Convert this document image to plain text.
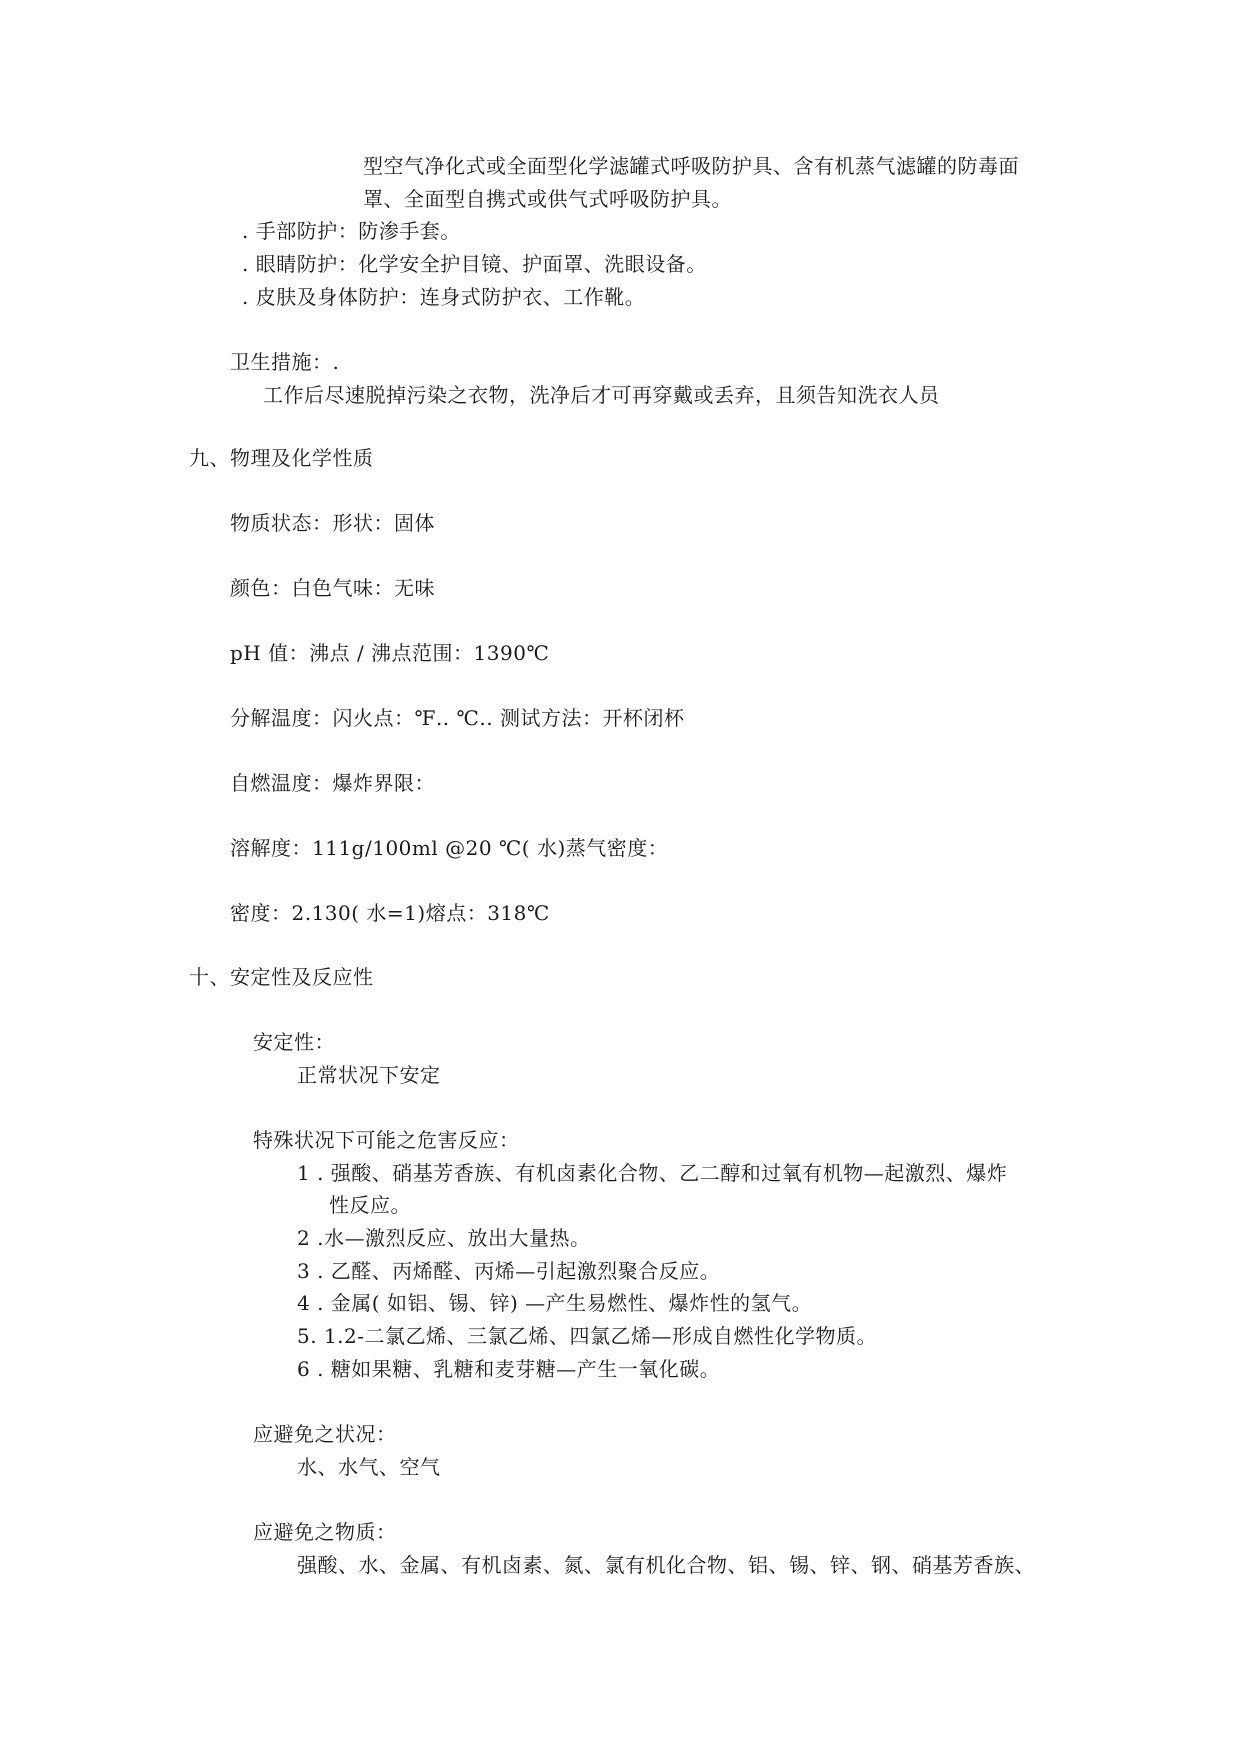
型空气净化式或全面型化学滤罐式呼吸防护具、含有机蒸气滤罐的防毒面
罩、全面型自携式或供气式呼吸防护具。
. 手部防护：防渗手套。
. 眼睛防护：化学安全护目镜、护面罩、洗眼设备。
. 皮肤及身体防护：连身式防护衣、工作靴。
卫生措施：.
工作后尽速脱掉污染之衣物，洗净后才可再穿戴或丢弃，且须告知洗衣人员
九、物理及化学性质
物质状态：形状：固体
颜色：白色气味：无味
pH 值：沸点 / 沸点范围：1390℃
分解温度：闪火点：℉.. ℃.. 测试方法：开杯闭杯
自燃温度：爆炸界限：
溶解度：111g/100ml @20 ℃( 水)蒸气密度：
密度：2.130( 水=1)熔点：318℃
十、安定性及反应性
安定性：
正常状况下安定
特殊状况下可能之危害反应：
1 . 强酸、硝基芳香族、有机卤素化合物、乙二醇和过氧有机物—起激烈、爆炸
性反应。
2 .水—激烈反应、放出大量热。
3 . 乙醛、丙烯醛、丙烯—引起激烈聚合反应。
4 . 金属( 如铝、锡、锌) —产生易燃性、爆炸性的氢气。
5. 1.2-二氯乙烯、三氯乙烯、四氯乙烯—形成自燃性化学物质。
6 . 糖如果糖、乳糖和麦芽糖—产生一氧化碳。
应避免之状况：
水、水气、空气
应避免之物质：
强酸、水、金属、有机卤素、氮、氯有机化合物、铝、锡、锌、钢、硝基芳香族、
